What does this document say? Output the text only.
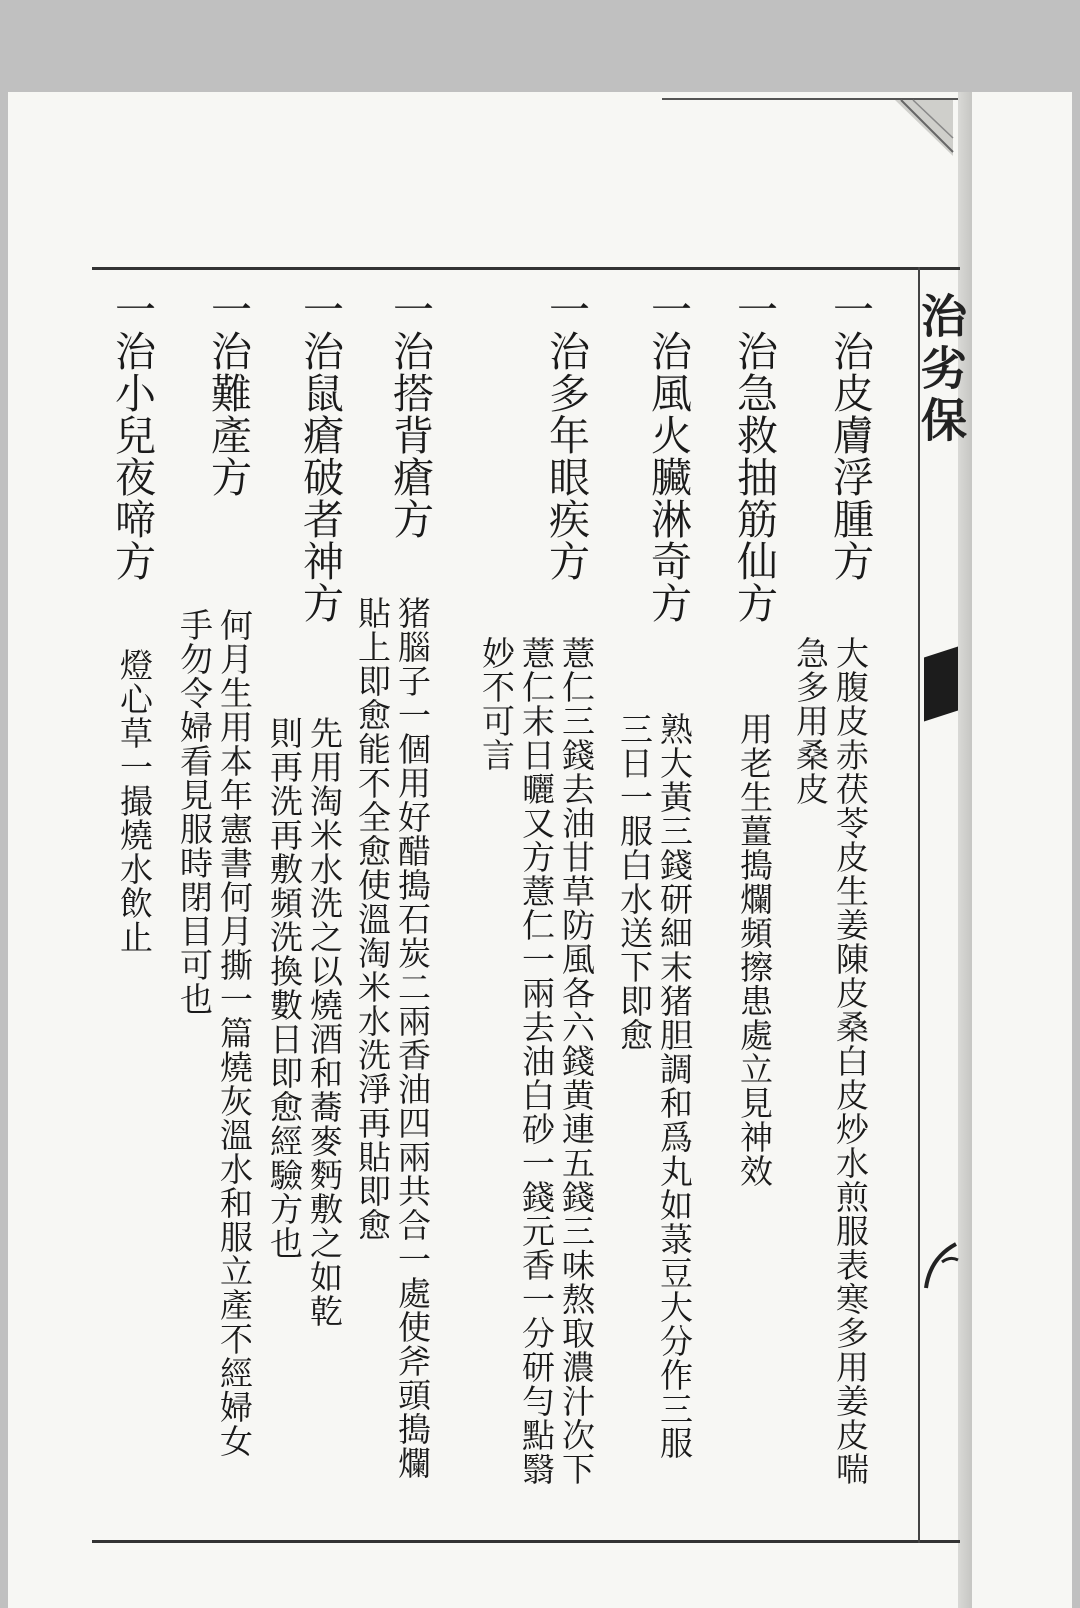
治劣保
一治皮膚浮腫方
大腹皮赤茯苓皮生姜陳皮桑白皮炒水煎服表寒多用姜皮喘急多用桑皮
一治急救抽筋仙方
用老生薑搗爛頻擦患處立見神效
一治風火臟淋奇方
熟大黃三錢研細末猪胆調和爲丸如菉豆大分作三服三日一服白水送下即愈
一治多年眼疾方
薏仁三錢去油甘草防風各六錢黄連五錢三味熬取濃汁次下薏仁末日曬又方薏仁一兩去油白砂一錢元香一分研勻點翳妙不可言
一治搭背瘡方
猪腦子一個用好醋搗石炭二兩香油四兩共合一處使斧頭搗爛貼上即愈能不全愈使溫淘米水洗淨再貼即愈
一治鼠瘡破者神方
先用淘米水洗之以燒酒和蕎麥麪敷之如乾則再洗再敷頻洗換數日即愈經驗方也
一治難產方
何月生用本年憲書何月撕一篇燒灰溫水和服立產不經婦女手勿令婦看見服時閉目可也
一治小兒夜啼方
燈心草一撮燒水飲止
